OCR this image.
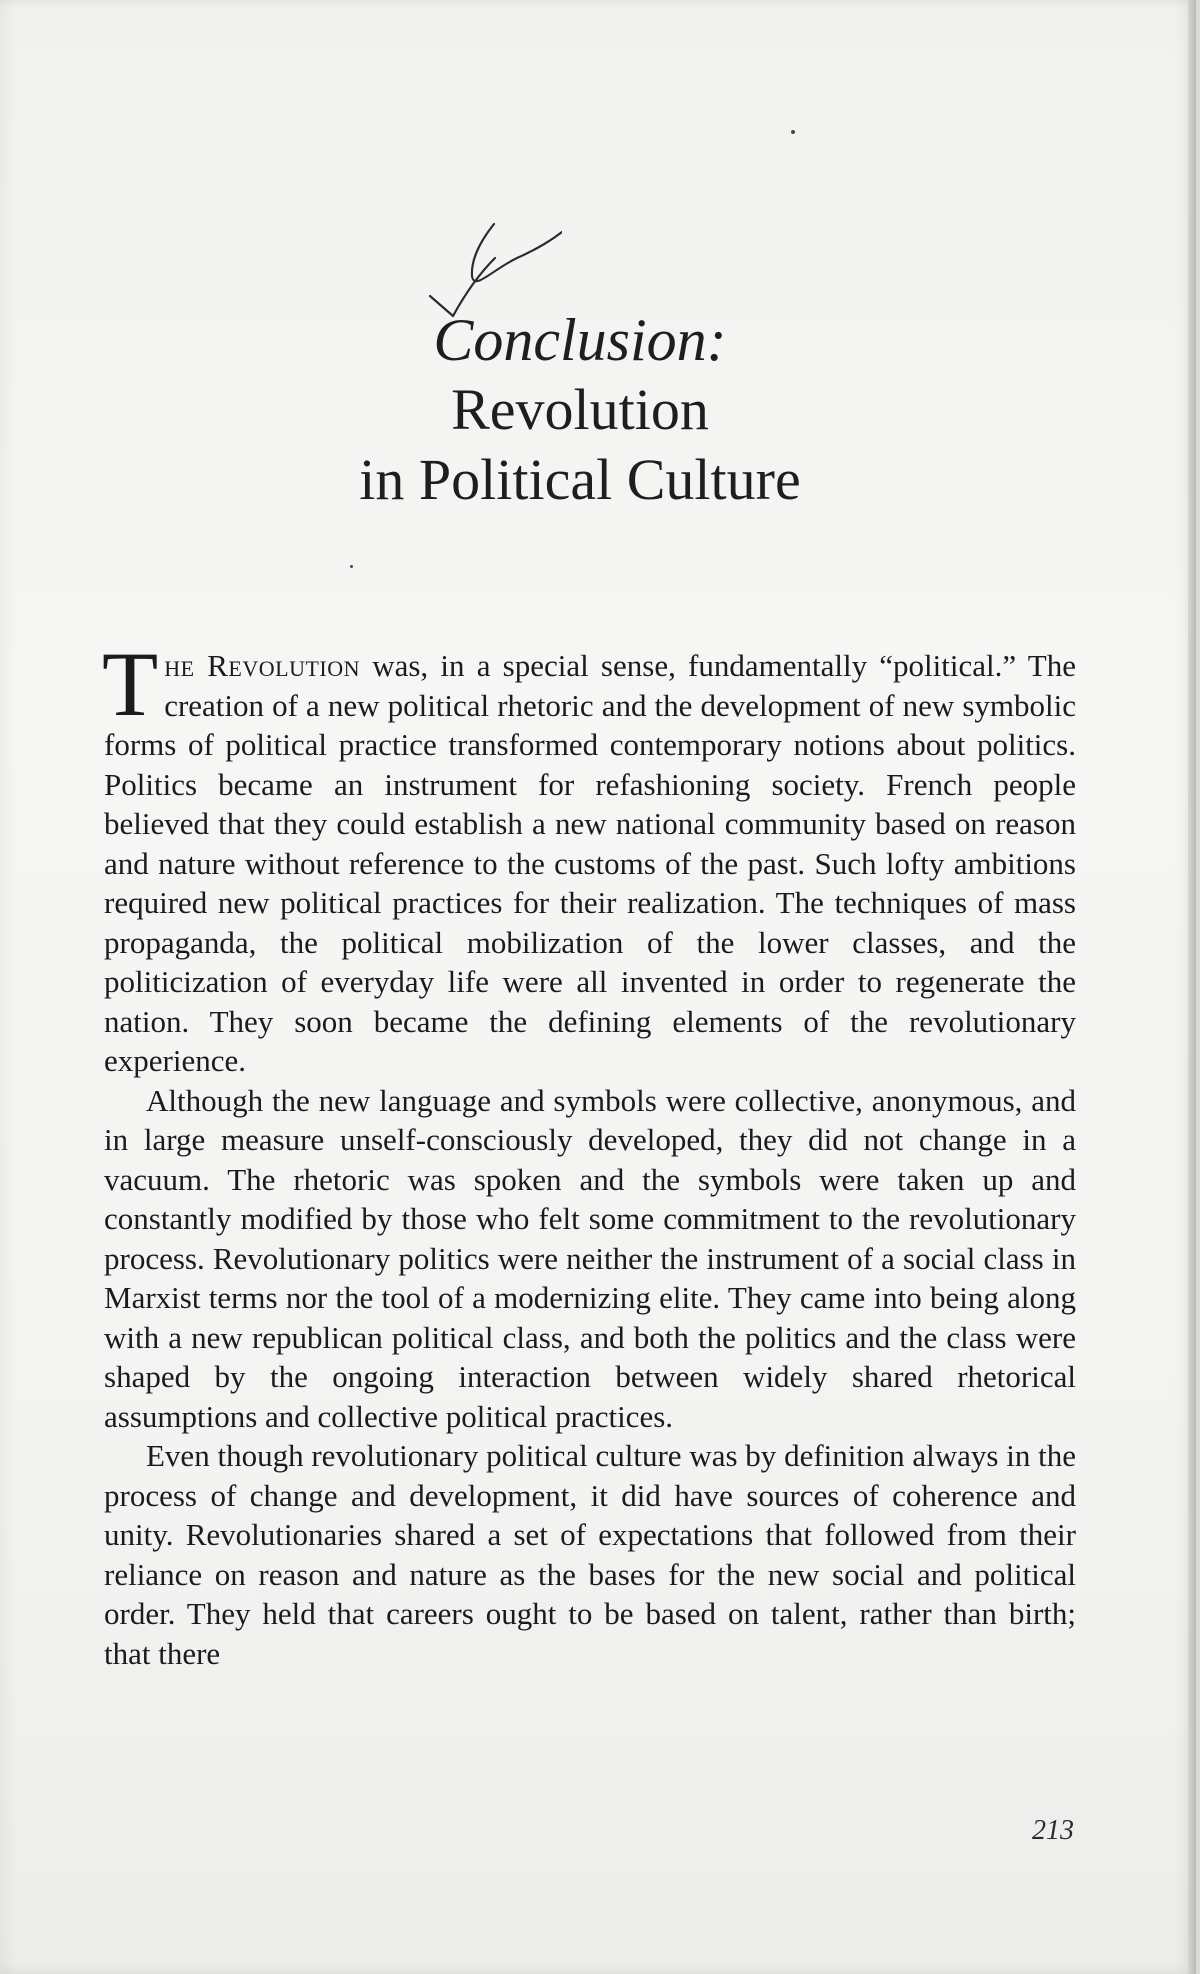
Conclusion:
Revolution
in Political Culture

The Revolution was, in a special sense, fundamentally “political.” The creation of a new political rhetoric and the development of new symbolic forms of political practice transformed contemporary notions about politics. Politics became an instrument for refashioning society. French people believed that they could establish a new national community based on reason and nature without reference to the customs of the past. Such lofty ambitions required new political practices for their realization. The techniques of mass propaganda, the political mobilization of the lower classes, and the politicization of everyday life were all invented in order to regenerate the nation. They soon became the defining elements of the revolutionary experience.

Although the new language and symbols were collective, anonymous, and in large measure unself-consciously developed, they did not change in a vacuum. The rhetoric was spoken and the symbols were taken up and constantly modified by those who felt some commitment to the revolutionary process. Revolutionary politics were neither the instrument of a social class in Marxist terms nor the tool of a modernizing elite. They came into being along with a new republican political class, and both the politics and the class were shaped by the ongoing interaction between widely shared rhetorical assumptions and collective political practices.

Even though revolutionary political culture was by definition always in the process of change and development, it did have sources of coherence and unity. Revolutionaries shared a set of expectations that followed from their reliance on reason and nature as the bases for the new social and political order. They held that careers ought to be based on talent, rather than birth; that there

213
